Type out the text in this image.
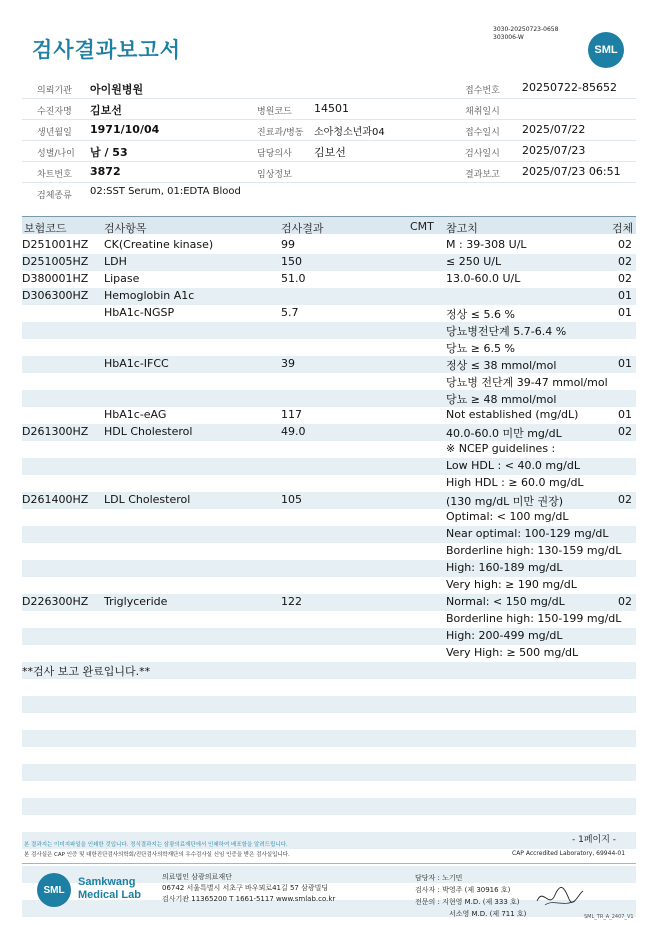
검사결과보고서
3030-20250723-0658
303006-W
SML
의뢰기관 아이원병원	접수번호 20250722-85652
수진자명 김보선	병원코드 14501	채취일시
생년월일 1971/10/04	진료과/병동 소아청소년과04	접수일시 2025/07/22
성별/나이 남 / 53	담당의사 김보선	검사일시 2025/07/23
차트번호 3872	임상정보	결과보고 2025/07/23 06:51
검체종류 02:SST Serum, 01:EDTA Blood
보험코드	검사항목	검사결과	CMT 참고치	검체
D251001HZ CK(Creatine kinase)	99	M : 39-308 U/L	02
D251005HZ LDH	150	≤ 250 U/L	02
D380001HZ Lipase	51.0	13.0-60.0 U/L	02
D306300HZ Hemoglobin A1c	01
HbA1c-NGSP	5.7	정상 ≤ 5.6 %	01
당뇨병전단계 5.7-6.4 %
당뇨 ≥ 6.5 %
HbA1c-IFCC	39	정상 ≤ 38 mmol/mol	01
당뇨병 전단계 39-47 mmol/mol
당뇨 ≥ 48 mmol/mol
HbA1c-eAG	117	Not established (mg/dL)	01
D261300HZ HDL Cholesterol	49.0	40.0-60.0 미만 mg/dL	02
※ NCEP guidelines :
Low HDL : < 40.0 mg/dL
High HDL : ≥ 60.0 mg/dL
D261400HZ LDL Cholesterol	105	(130 mg/dL 미만 권장)	02
Optimal: < 100 mg/dL
Near optimal: 100-129 mg/dL
Borderline high: 130-159 mg/dL
High: 160-189 mg/dL
Very high: ≥ 190 mg/dL
D226300HZ Triglyceride	122	Normal: < 150 mg/dL	02
Borderline high: 150-199 mg/dL
High: 200-499 mg/dL
Very High: ≥ 500 mg/dL
**검사 보고 완료입니다.**
본 결과지는 이미지파일을 인쇄한 것입니다. 정식결과지는 삼광의료재단에서 인쇄하여 배포함을 알려드립니다.
본 검사실은 CAP 인증 및 대한진단검사의학회/진단검사의학재단의 우수검사실 신임 인증을 받은 검사실입니다.
- 1페이지 -
CAP Accredited Laboratory, 69944-01
SML
Samkwang
Medical Lab
의료법인 삼광의료재단
06742 서울특별시 서초구 바우뫼로41길 57 삼광빌딩
검사기관 11365200 T 1661-5117 www.smlab.co.kr
담당자 : 노기민
검사자 : 박영주 (제 30916 호)
전문의 : 지현영 M.D. (제 333 호)
서소영 M.D. (제 711 호)	SML_TR_A_2407_V1
